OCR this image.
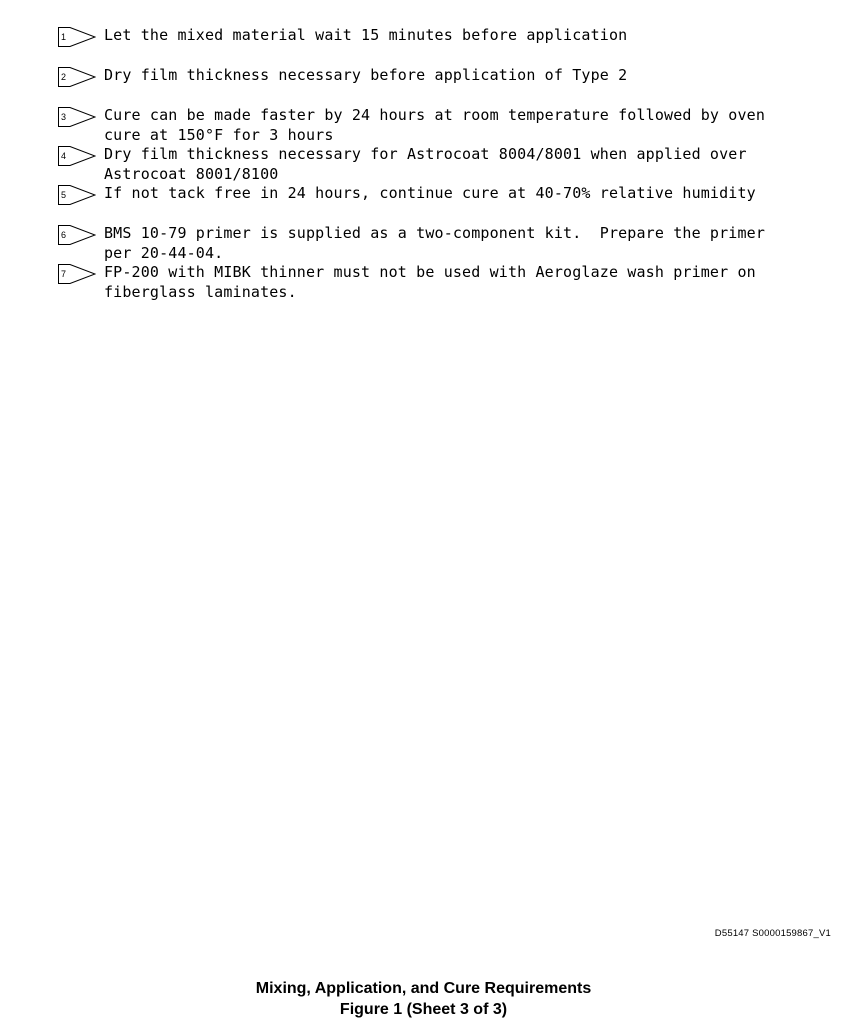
1	Let the mixed material wait 15 minutes before application
2	Dry film thickness necessary before application of Type 2
3	Cure can be made faster by 24 hours at room temperature followed by oven
cure at 150°F for 3 hours
4	Dry film thickness necessary for Astrocoat 8004/8001 when applied over
Astrocoat 8001/8100
5	If not tack free in 24 hours, continue cure at 40-70% relative humidity
6	BMS 10-79 primer is supplied as a two-component kit.  Prepare the primer
per 20-44-04.
7	FP-200 with MIBK thinner must not be used with Aeroglaze wash primer on
fiberglass laminates.
D55147 S0000159867_V1
Mixing, Application, and Cure Requirements
Figure 1 (Sheet 3 of 3)
